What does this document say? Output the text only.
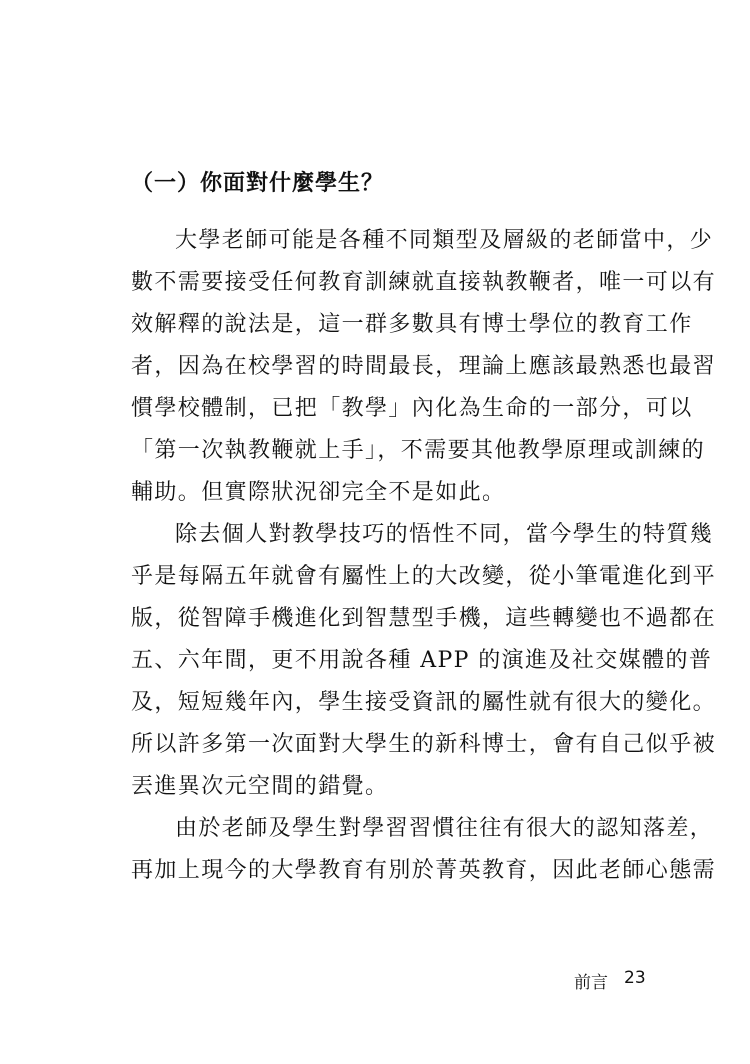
（一）你面對什麼學生？
大學老師可能是各種不同類型及層級的老師當中，少
數不需要接受任何教育訓練就直接執教鞭者，唯一可以有
效解釋的說法是，這一群多數具有博士學位的教育工作
者，因為在校學習的時間最長，理論上應該最熟悉也最習
慣學校體制，已把「教學」內化為生命的一部分，可以
「第一次執教鞭就上手」，不需要其他教學原理或訓練的
輔助。但實際狀況卻完全不是如此。
除去個人對教學技巧的悟性不同，當今學生的特質幾
乎是每隔五年就會有屬性上的大改變，從小筆電進化到平
版，從智障手機進化到智慧型手機，這些轉變也不過都在
五、六年間，更不用說各種 APP 的演進及社交媒體的普
及，短短幾年內，學生接受資訊的屬性就有很大的變化。
所以許多第一次面對大學生的新科博士，會有自己似乎被
丟進異次元空間的錯覺。
由於老師及學生對學習習慣往往有很大的認知落差，
再加上現今的大學教育有別於菁英教育，因此老師心態需
前言 23
